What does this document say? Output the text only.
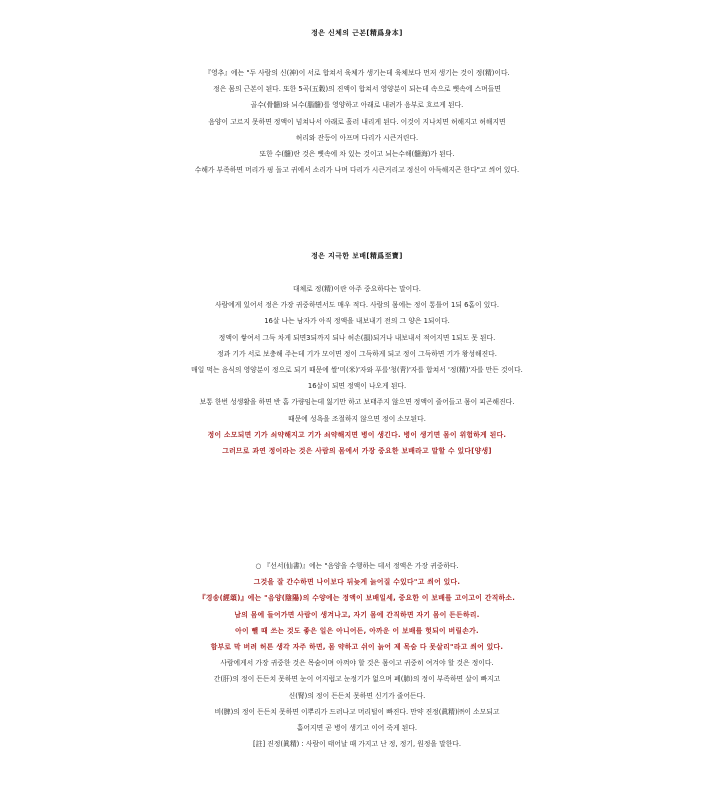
정은 신체의 근본[精爲身本]
『영추』에는 "두 사람의 신(神)이 서로 합쳐서 육체가 생기는데 육체보다 먼저 생기는 것이 정(精)이다.
정은 몸의 근본이 된다. 또한 5곡(五穀)의 진액이 합쳐서 영양분이 되는데 속으로 뼛속에 스며들면
골수(骨髓)와 뇌수(腦髓)를 영양하고 아래로 내려가 음부로 흐르게 된다.
음양이 고르지 못하면 정액이 넘쳐나서 아래로 흘러 내리게 된다. 이것이 지나치면 허해지고 허해지면
허리와 잔등이 아프며 다리가 시큰거린다.
또한 수(髓)란 것은 뼛속에 차 있는 것이고 뇌는수해(髓海)가 된다.
수해가 부족하면 머리가 핑 돌고 귀에서 소리가 나며 다리가 시큰거리고 정신이 아득해지곤 한다"고 씌어 있다.
정은 지극한 보배[精爲至寶]
대체로 정(精)이란 아주 중요하다는 말이다.
사람에게 있어서 정은 가장 귀중하면서도 매우 적다. 사람의 몸에는 정이 통틀어 1되 6홉이 있다.
16살 나는 남자가 아직 정액을 내보내기 전의 그 양은 1되이다.
정액이 쌓여서 그득 차게 되면3되까지 되나 허손(損)되거나 내보내서 적어지면 1되도 못 된다.
정과 기가 서로 보충해 주는데 기가 모이면 정이 그득하게 되고 정이 그득하면 기가 왕성해진다.
매일 먹는 음식의 영양분이 정으로 되기 때문에 쌀'미(米)'자와 푸를'청(靑)'자를 합쳐서 '정(精)'자를 만든 것이다.
16살이 되면 정액이 나오게 된다.
보통 한번 성생활을 하면 반 홉 가량임는데 잃기만 하고 보태주지 않으면 정액이 줄어들고 몸이 피곤해진다.
때문에 성욕을 조절하지 않으면 정이 소모된다.
정이 소모되면 기가 쇠약해지고 기가 쇠약해지면 병이 생긴다. 병이 생기면 몸이 위험하게 된다.
그러므로 과연 정이라는 것은 사람의 몸에서 가장 중요한 보배라고 말할 수 있다[양생]
○ 『선서(仙書)』에는 "음양을 수행하는 데서 정액은 가장 귀중하다.
그것을 잘 간수하면 나이보다 뒤늦게 늙어질 수있다"고 씌어 있다.
『경송(經頌)』에는 "음양(陰陽)의 수양에는 정액이 보배일세, 중요한 이 보배를 고이고이 간직하소.
남의 몸에 들어가면 사람이 생겨나고, 자기 몸에 간직하면 자기 몸이 든든하리.
아이 뺄 때 쓰는 것도 좋은 일은 아니어든, 아까운 이 보배를 헛되이 버릴손가.
함부로 막 버려 허튼 생각 자주 하면, 몸 약하고 쉬이 늙어 제 목숨 다 못살리"라고 씌어 있다.
사람에게서 가장 귀중한 것은 목숨이며 아껴야 할 것은 몸이고 귀중히 여겨야 할 것은 정이다.
간(肝)의 정이 든든치 못하면 눈이 어지럽고 눈정기가 없으며 폐(肺)의 정이 부족하면 살이 빠지고
신(腎)의 정이 든든치 못하면 신기가 줄어든다.
비(脾)의 정이 든든치 못하면 이뿌리가 드러나고 머리털이 빠진다. 만약 진정(眞精)㈜이 소모되고
흩어지면 곧 병이 생기고 이어 죽게 된다.
[註] 진정(眞精) : 사람이 태어날 때 가지고 난 정, 정기, 원정을 말한다.
